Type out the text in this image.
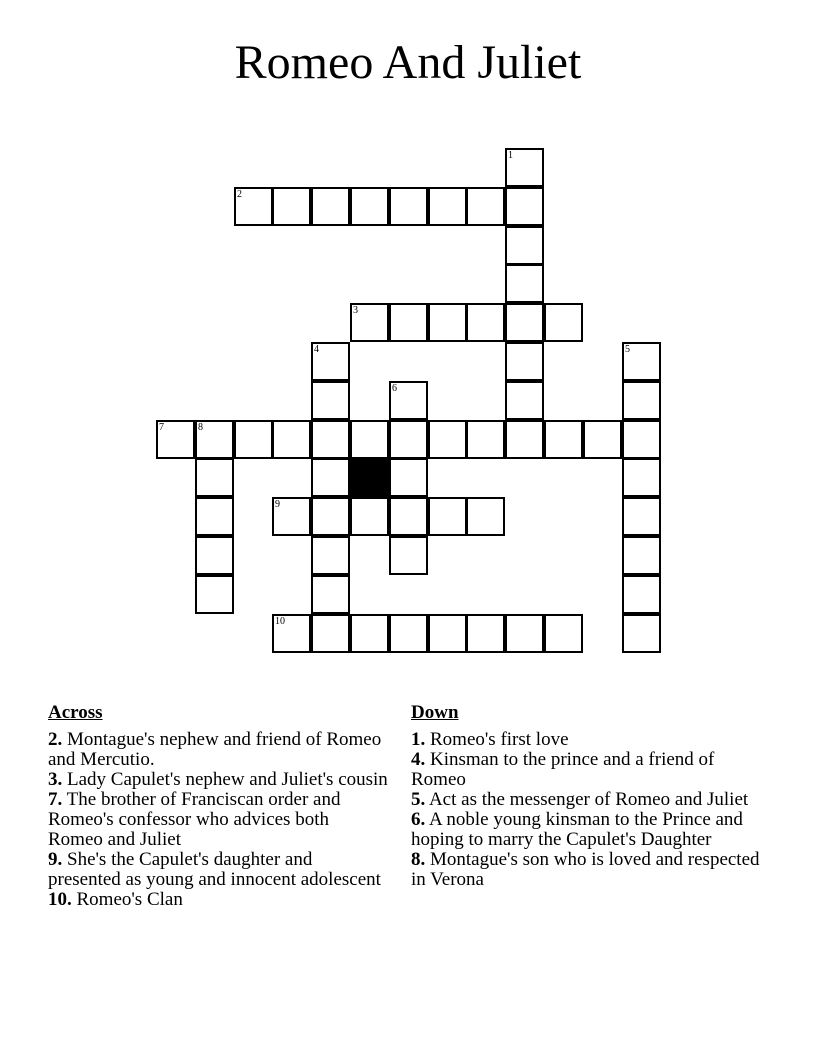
Romeo And Juliet
1
2
3
4	5
6
7	8
9
10
Across
2. Montague's nephew and friend of Romeo and Mercutio.
3. Lady Capulet's nephew and Juliet's cousin
7. The brother of Franciscan order and Romeo's confessor who advices both Romeo and Juliet
9. She's the Capulet's daughter and presented as young and innocent adolescent
10. Romeo's Clan
Down
1. Romeo's first love
4. Kinsman to the prince and a friend of Romeo
5. Act as the messenger of Romeo and Juliet
6. A noble young kinsman to the Prince and hoping to marry the Capulet's Daughter
8. Montague's son who is loved and respected in Verona
